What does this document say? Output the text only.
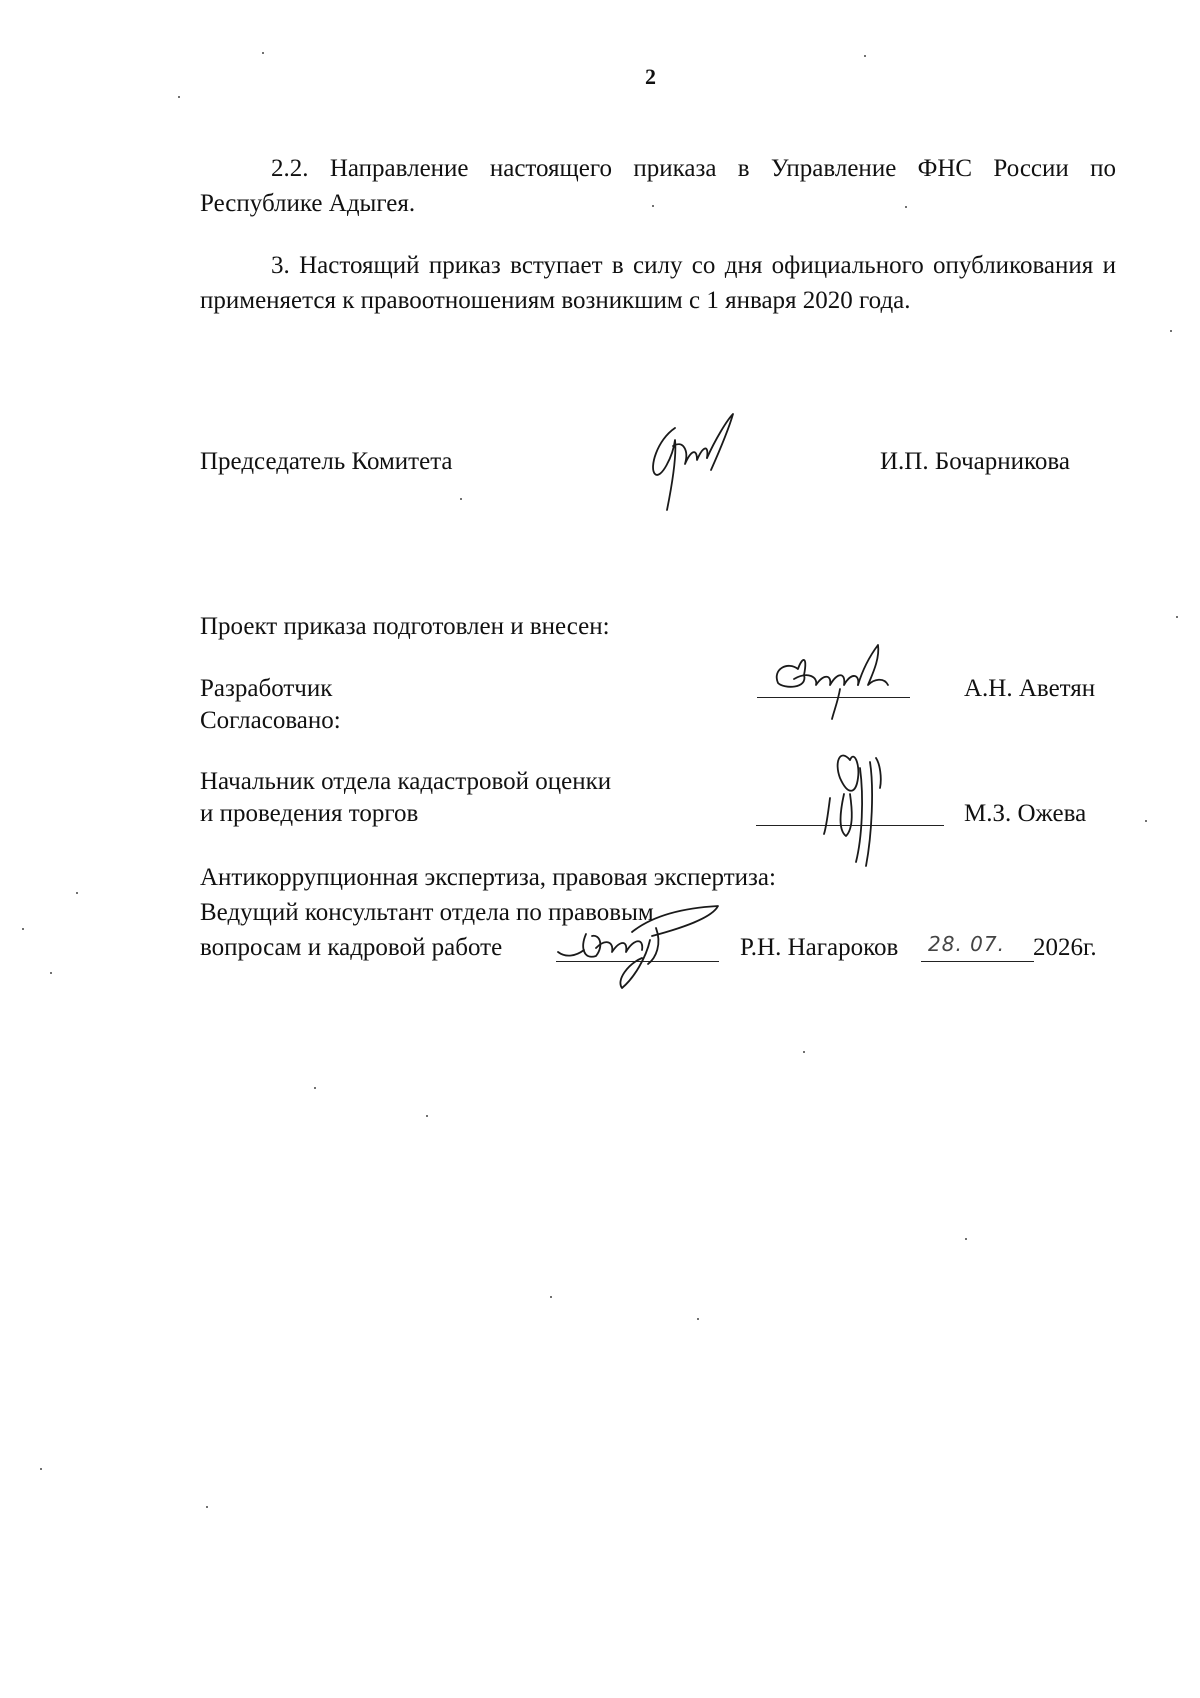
2
2.2. Направление настоящего приказа в Управление ФНС России по Республике Адыгея.
3. Настоящий приказ вступает в силу со дня официального опубликования и применяется к правоотношениям возникшим с 1 января 2020 года.
Председатель Комитета	И.П. Бочарникова
Проект приказа подготовлен и внесен:
Разработчик	А.Н. Аветян
Согласовано:
Начальник отдела кадастровой оценки
и проведения торгов	М.З. Ожева
Антикоррупционная экспертиза, правовая экспертиза:
Ведущий консультант отдела по правовым
вопросам и кадровой работе	Р.Н. Нагароков 28. 07. 2026г.
